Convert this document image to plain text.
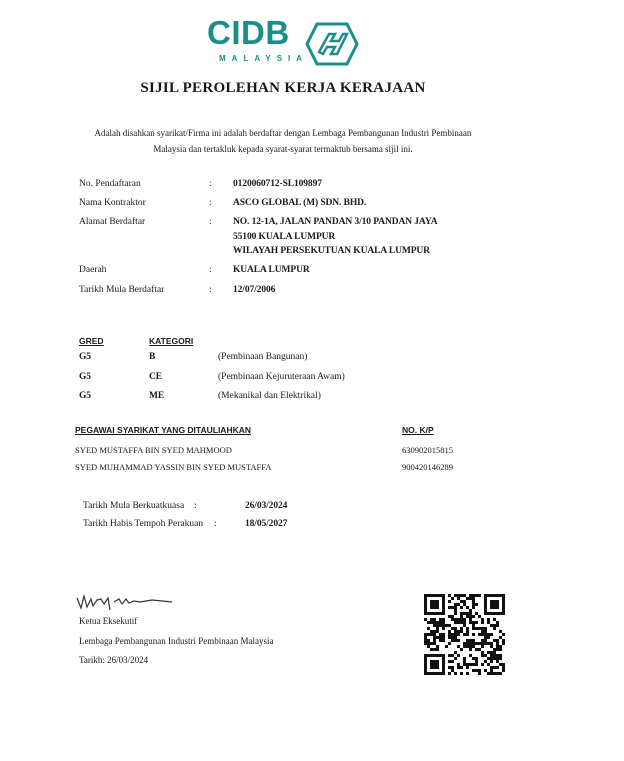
CIDB
MALAYSIA
SIJIL PEROLEHAN KERJA KERAJAAN
Adalah disahkan syarikat/Firma ini adalah berdaftar dengan Lembaga Pembangunan Industri Pembinaan
Malaysia dan tertakluk kepada syarat-syarat termaktub bersama sijil ini.
No. Pendaftaran	: 0120060712-SL109897
Nama Kontraktor	: ASCO GLOBAL (M) SDN. BHD.
Alamat Berdaftar	: NO. 12-1A, JALAN PANDAN 3/10 PANDAN JAYA
55100 KUALA LUMPUR
WILAYAH PERSEKUTUAN KUALA LUMPUR
Daerah	: KUALA LUMPUR
Tarikh Mula Berdaftar	: 12/07/2006
GRED	KATEGORI
G5	B	(Pembinaan Bangunan)
G5	CE	(Pembinaan Kejuruteraan Awam)
G5	ME	(Mekanikal dan Elektrikal)
PEGAWAI SYARIKAT YANG DITAULIAHKAN	NO. K/P
SYED MUSTAFFA BIN SYED MAHMOOD	630902015815
SYED MUHAMMAD YASSIN BIN SYED MUSTAFFA	900420146289
Tarikh Mula Berkuatkuasa :	26/03/2024
Tarikh Habis Tempoh Perakuan :	18/05/2027
Ketua Eksekutif
Lembaga Pembangunan Industri Pembinaan Malaysia
Tarikh: 26/03/2024
